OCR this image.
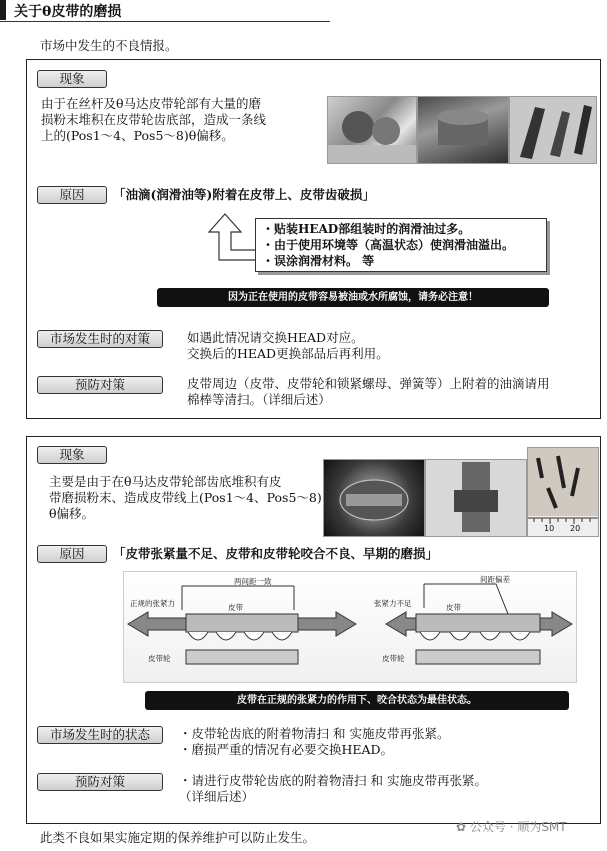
关于θ皮带的磨损
市场中发生的不良情报。
现象
由于在丝杆及θ马达皮带轮部有大量的磨
损粉末堆积在皮带轮齿底部，造成一条线
上的(Pos1～4、Pos5～8)θ偏移。
原因	「油滴(润滑油等)附着在皮带上、皮带齿破损」
・贴装HEAD部组装时的润滑油过多。
・由于使用环境等（高温状态）使润滑油溢出。
・误涂润滑材料。 等
因为正在使用的皮带容易被油或水所腐蚀，请务必注意！
市场发生时的对策	如遇此情况请交换HEAD对应。
交换后的HEAD更换部品后再利用。
预防对策	皮带周边（皮带、皮带轮和锁紧螺母、弹簧等）上附着的油滴请用
棉棒等清扫。（详细后述）
现象
主要是由于在θ马达皮带轮部齿底堆积有皮
带磨损粉末、造成皮带线上(Pos1～4、Pos5～8)
θ偏移。
10 20
原因	「皮带张紧量不足、皮带和皮带轮咬合不良、早期的磨损」
两间距一致
正规的张紧力	皮带
皮带轮
间距偏差
张紧力不足	皮带
皮带轮
皮带在正规的张紧力的作用下、咬合状态为最佳状态。
市场发生时的状态	・皮带轮齿底的附着物清扫 和 实施皮带再张紧。
・磨损严重的情况有必要交换HEAD。
预防对策	・请进行皮带轮齿底的附着物清扫 和 实施皮带再张紧。
（详细后述）
此类不良如果实施定期的保养维护可以防止发生。
✿ 公众号 · 顺为SMT
